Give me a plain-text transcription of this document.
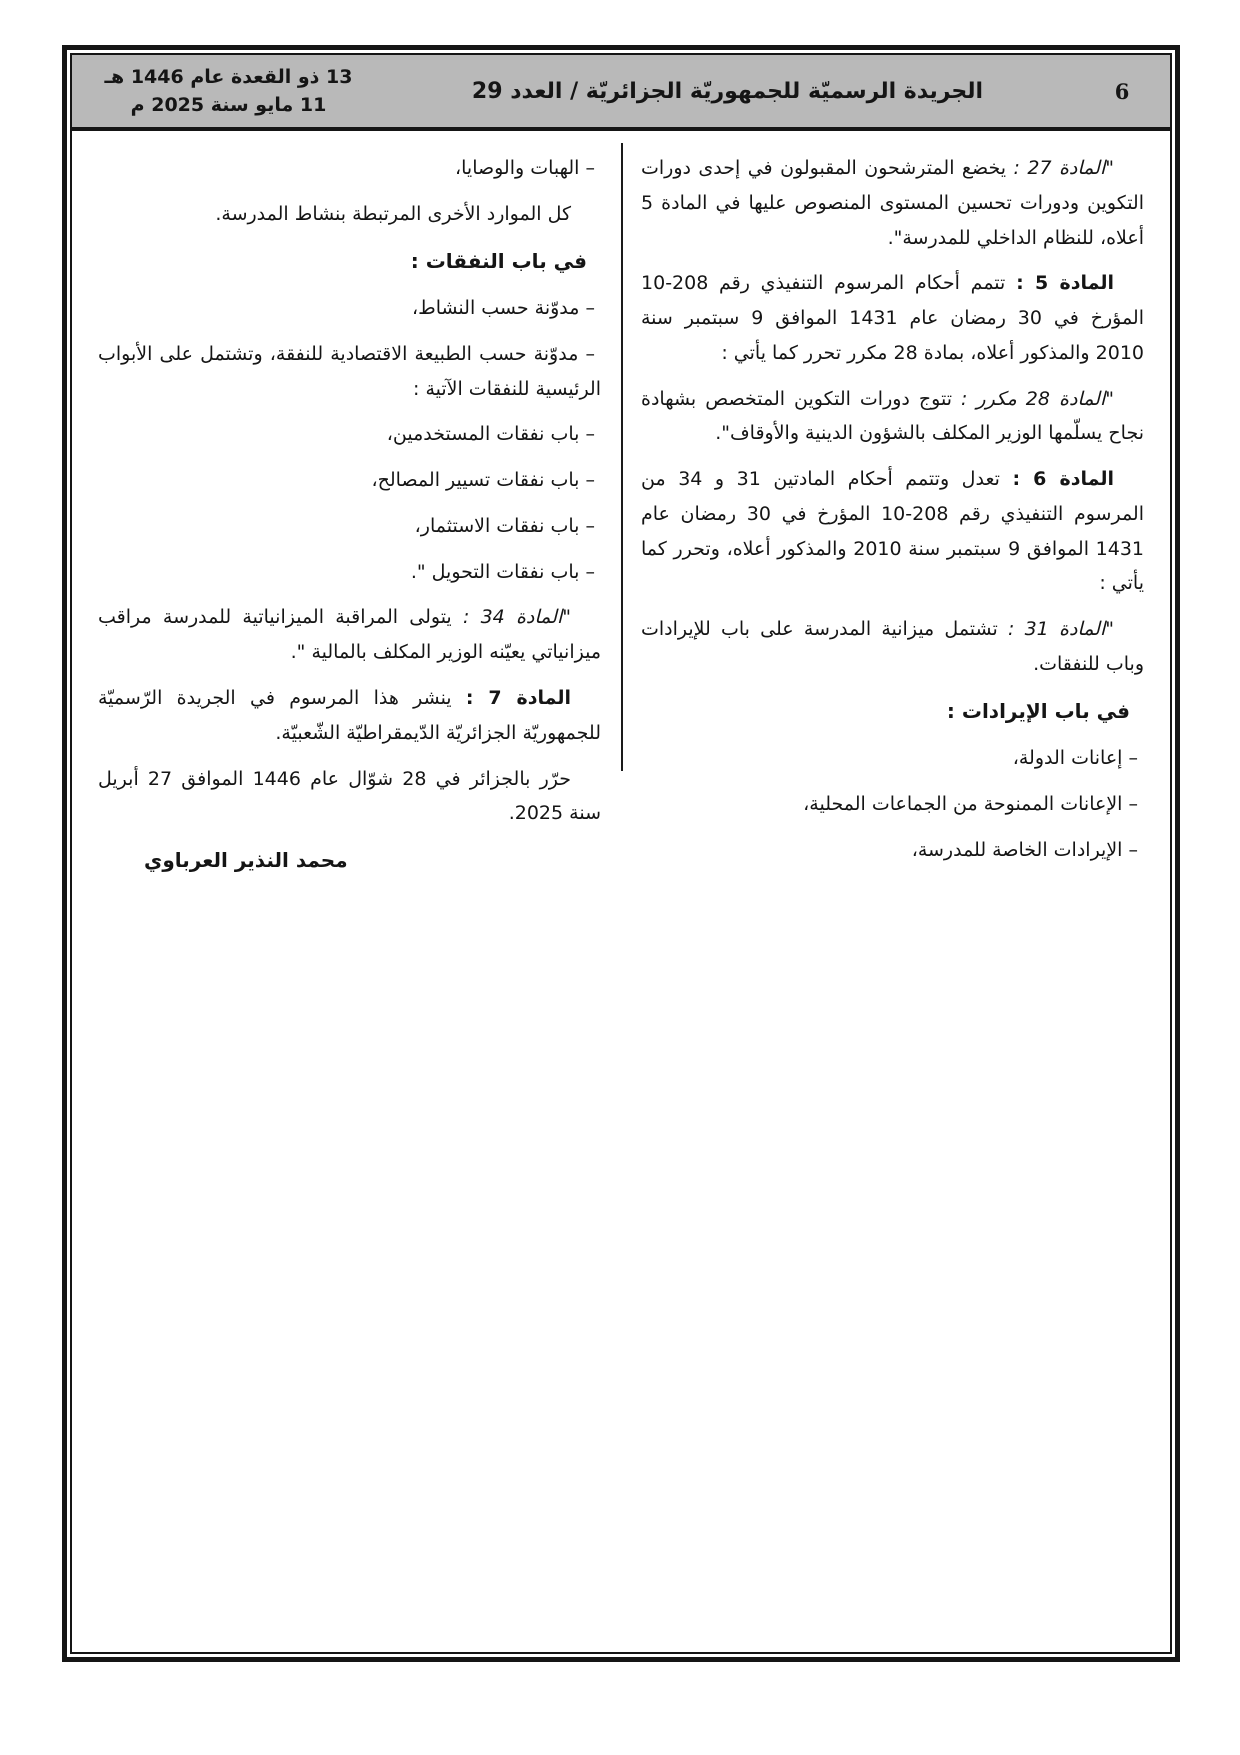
13 ذو القعدة عام 1446 هـ
11 مايو سنة 2025 م
الجريدة الرسميّة للجمهوريّة الجزائريّة / العدد 29	6

"المادة 27 : يخضع المترشحون المقبولون في إحدى دورات التكوين ودورات تحسين المستوى المنصوص عليها في المادة 5 أعلاه، للنظام الداخلي للمدرسة".

المادة 5 : تتمم أحكام المرسوم التنفيذي رقم 208-10 المؤرخ في 30 رمضان عام 1431 الموافق 9 سبتمبر سنة 2010 والمذكور أعلاه، بمادة 28 مكرر تحرر كما يأتي :

"المادة 28 مكرر : تتوج دورات التكوين المتخصص بشهادة نجاح يسلّمها الوزير المكلف بالشؤون الدينية والأوقاف".

المادة 6 : تعدل وتتمم أحكام المادتين 31 و 34 من المرسوم التنفيذي رقم 208-10 المؤرخ في 30 رمضان عام 1431 الموافق 9 سبتمبر سنة 2010 والمذكور أعلاه، وتحرر كما يأتي :

"المادة 31 : تشتمل ميزانية المدرسة على باب للإيرادات وباب للنفقات.

في باب الإيرادات :

– إعانات الدولة،

– الإعانات الممنوحة من الجماعات المحلية،

– الإيرادات الخاصة للمدرسة،

– الهبات والوصايا،

كل الموارد الأخرى المرتبطة بنشاط المدرسة.

في باب النفقات :

– مدوّنة حسب النشاط،

– مدوّنة حسب الطبيعة الاقتصادية للنفقة، وتشتمل على الأبواب الرئيسية للنفقات الآتية :

– باب نفقات المستخدمين،

– باب نفقات تسيير المصالح،

– باب نفقات الاستثمار،

– باب نفقات التحويل ".

"المادة 34 : يتولى المراقبة الميزانياتية للمدرسة مراقب ميزانياتي يعيّنه الوزير المكلف بالمالية ".

المادة 7 : ينشر هذا المرسوم في الجريدة الرّسميّة للجمهوريّة الجزائريّة الدّيمقراطيّة الشّعبيّة.

حرّر بالجزائر في 28 شوّال عام 1446 الموافق 27 أبريل سنة 2025.

محمد النذير العرباوي
